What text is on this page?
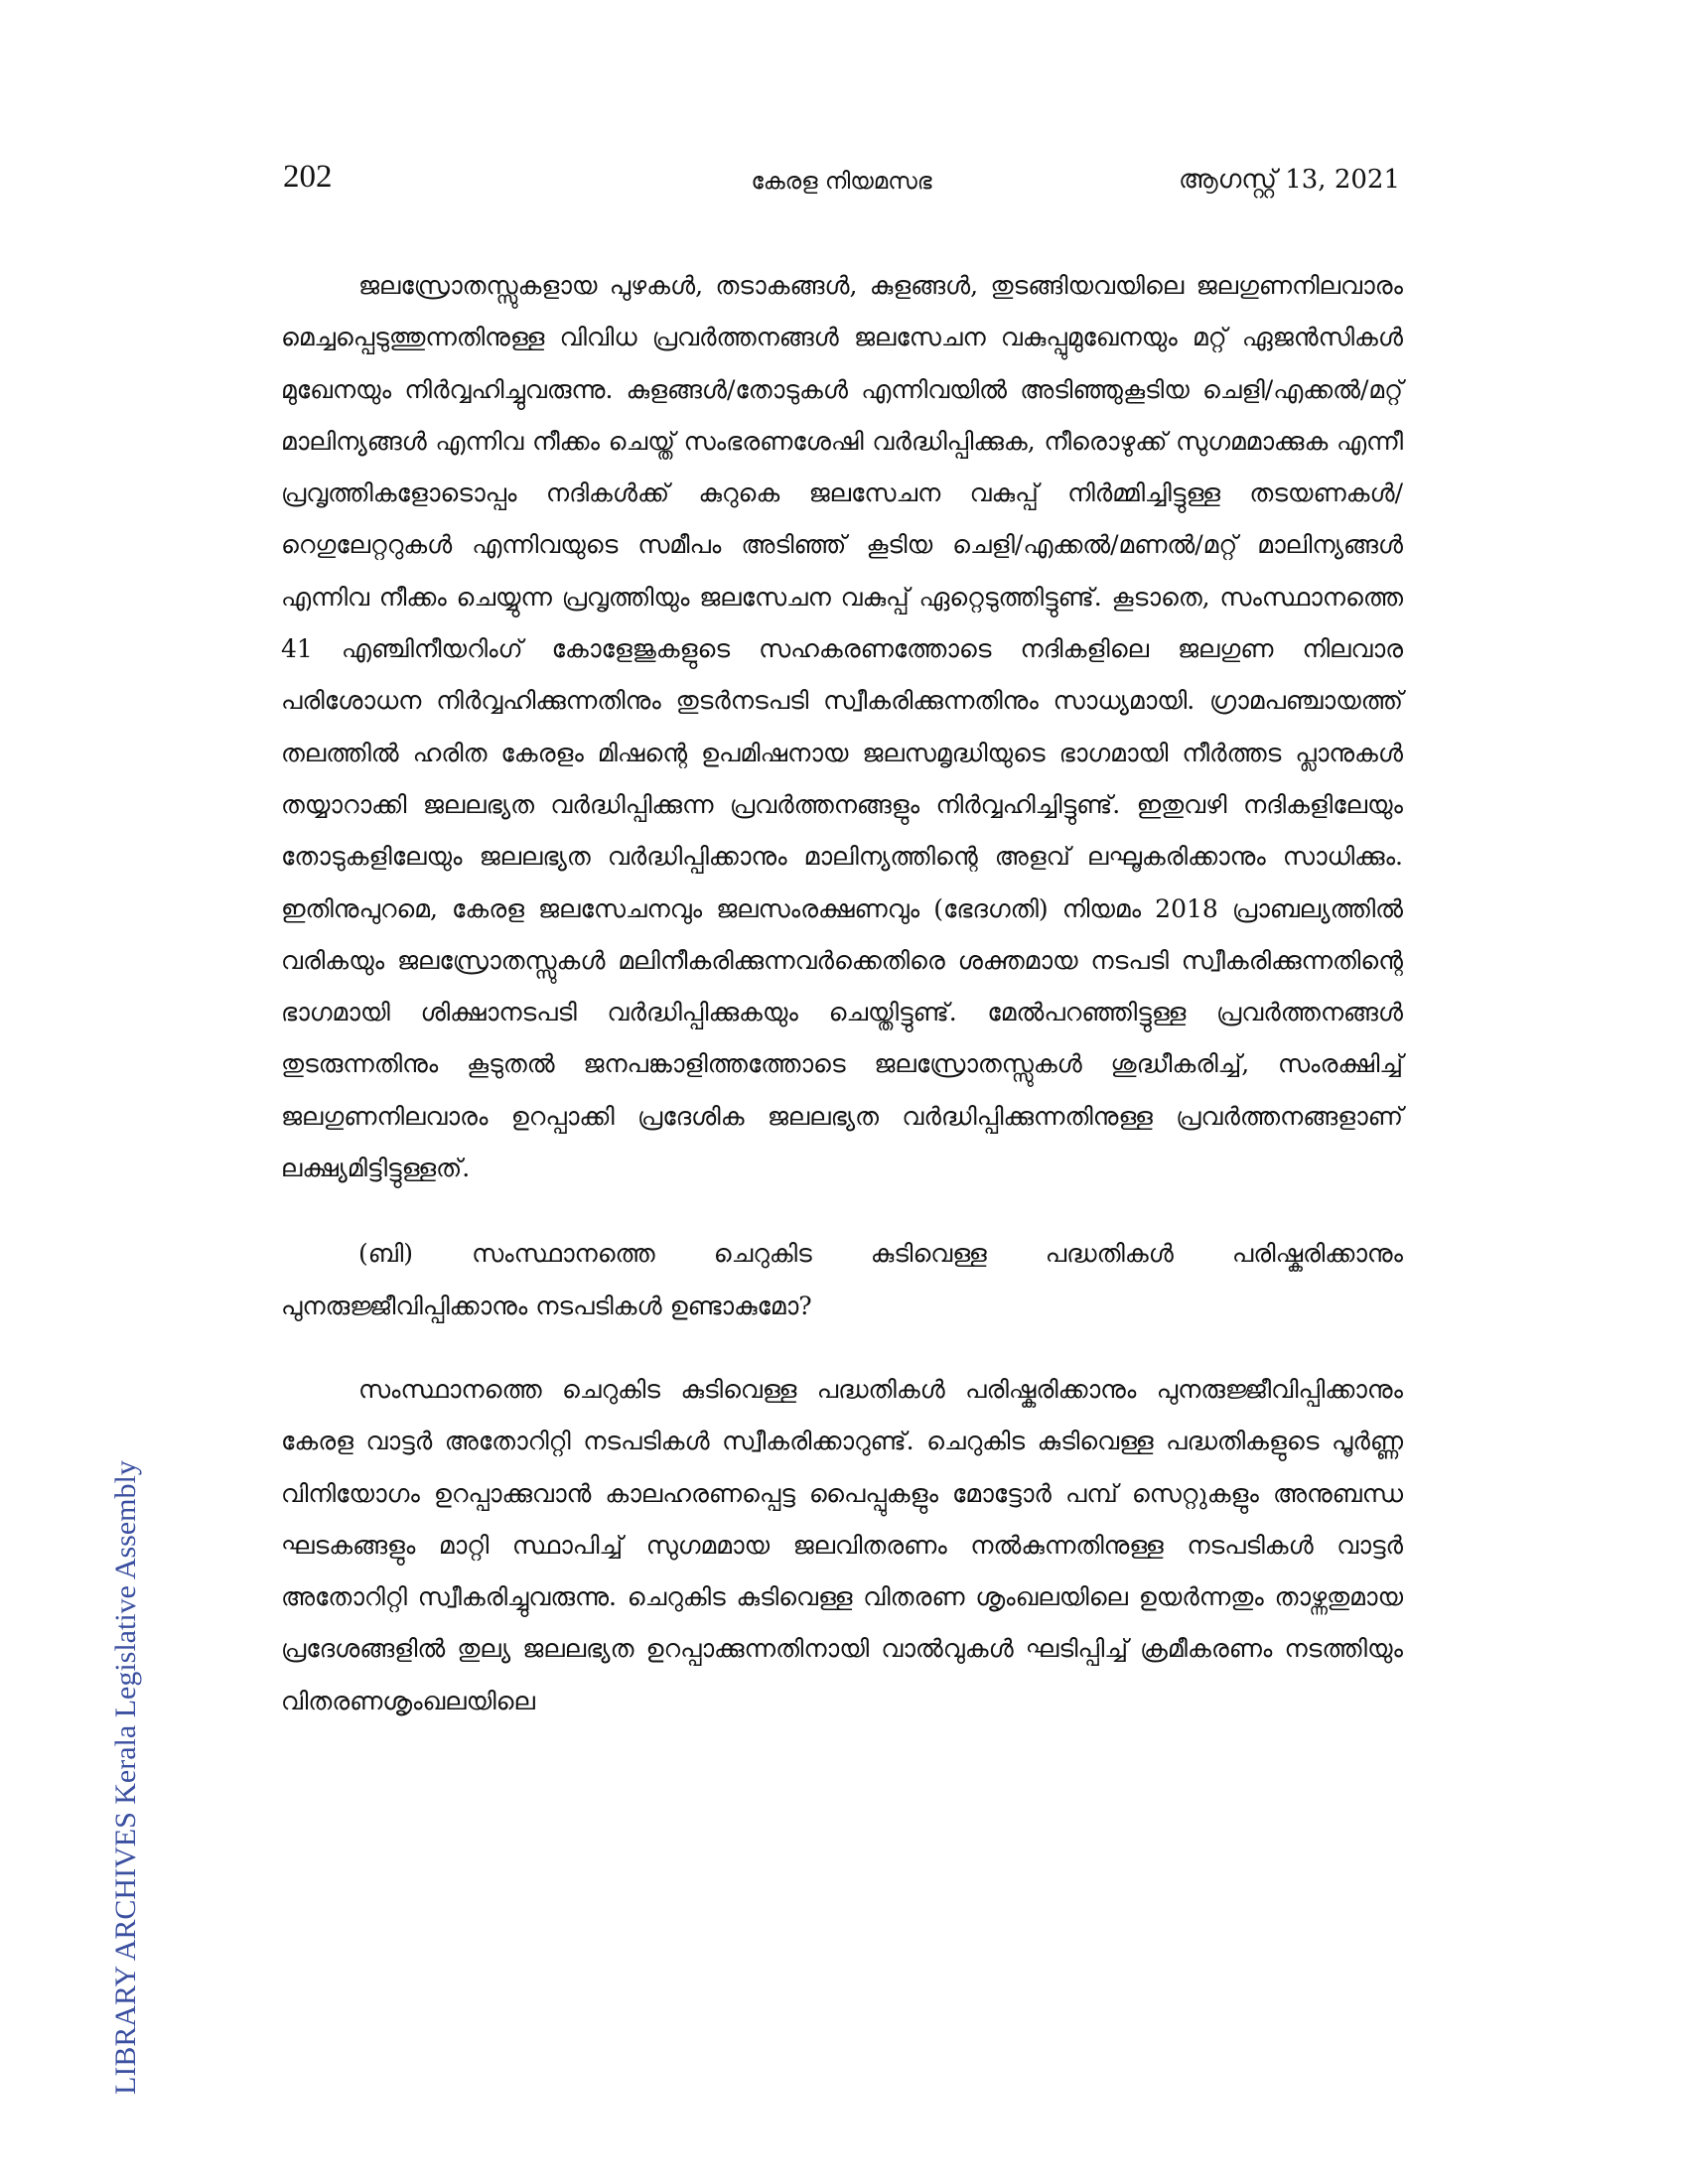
202	കേരള നിയമസഭ	ആഗസ്റ്റ് 13, 2021
LIBRARY ARCHIVES Kerala Legislative Assembly

ജലസ്രോതസ്സുകളായ പുഴകൾ, തടാകങ്ങൾ, കുളങ്ങൾ, തുടങ്ങിയവയിലെ ജലഗുണനിലവാരം മെച്ചപ്പെടുത്തുന്നതിനുള്ള വിവിധ പ്രവർത്തനങ്ങൾ ജലസേചന വകുപ്പുമുഖേനയും മറ്റ് ഏജൻസികൾ മുഖേനയും നിർവ്വഹിച്ചുവരുന്നു. കുളങ്ങൾ/തോടുകൾ എന്നിവയിൽ അടിഞ്ഞുകൂടിയ ചെളി/എക്കൽ/മറ്റ് മാലിന്യങ്ങൾ എന്നിവ നീക്കം ചെയ്ത് സംഭരണശേഷി വർദ്ധിപ്പിക്കുക, നീരൊഴുക്ക് സുഗമമാക്കുക എന്നീ പ്രവൃത്തികളോടൊപ്പം നദികൾക്ക് കുറുകെ ജലസേചന വകുപ്പ് നിർമ്മിച്ചിട്ടുള്ള തടയണകൾ/റെഗുലേറ്ററുകൾ എന്നിവയുടെ സമീപം അടിഞ്ഞ് കൂടിയ ചെളി/എക്കൽ/മണൽ/മറ്റ് മാലിന്യങ്ങൾ എന്നിവ നീക്കം ചെയ്യുന്ന പ്രവൃത്തിയും ജലസേചന വകുപ്പ് ഏറ്റെടുത്തിട്ടുണ്ട്. കൂടാതെ, സംസ്ഥാനത്തെ 41 എഞ്ചിനീയറിംഗ് കോളേജുകളുടെ സഹകരണത്തോടെ നദികളിലെ ജലഗുണ നിലവാര പരിശോധന നിർവ്വഹിക്കുന്നതിനും തുടർനടപടി സ്വീകരിക്കുന്നതിനും സാധ്യമായി. ഗ്രാമപഞ്ചായത്ത് തലത്തിൽ ഹരിത കേരളം മിഷന്റെ ഉപമിഷനായ ജലസമൃദ്ധിയുടെ ഭാഗമായി നീർത്തട പ്ലാനുകൾ തയ്യാറാക്കി ജലലഭ്യത വർദ്ധിപ്പിക്കുന്ന പ്രവർത്തനങ്ങളും നിർവ്വഹിച്ചിട്ടുണ്ട്. ഇതുവഴി നദികളിലേയും തോടുകളിലേയും ജലലഭ്യത വർദ്ധിപ്പിക്കാനും മാലിന്യത്തിന്റെ അളവ് ലഘൂകരിക്കാനും സാധിക്കും. ഇതിനുപുറമെ, കേരള ജലസേചനവും ജലസംരക്ഷണവും (ഭേദഗതി) നിയമം 2018 പ്രാബല്യത്തിൽ വരികയും ജലസ്രോതസ്സുകൾ മലിനീകരിക്കുന്നവർക്കെതിരെ ശക്തമായ നടപടി സ്വീകരിക്കുന്നതിന്റെ ഭാഗമായി ശിക്ഷാനടപടി വർദ്ധിപ്പിക്കുകയും ചെയ്തിട്ടുണ്ട്. മേൽപറഞ്ഞിട്ടുള്ള പ്രവർത്തനങ്ങൾ തുടരുന്നതിനും കൂടുതൽ ജനപങ്കാളിത്തത്തോടെ ജലസ്രോതസ്സുകൾ ശുദ്ധീകരിച്ച്, സംരക്ഷിച്ച് ജലഗുണനിലവാരം ഉറപ്പാക്കി പ്രദേശിക ജലലഭ്യത വർദ്ധിപ്പിക്കുന്നതിനുള്ള പ്രവർത്തനങ്ങളാണ് ലക്ഷ്യമിട്ടിട്ടുള്ളത്.

(ബി) സംസ്ഥാനത്തെ ചെറുകിട കുടിവെള്ള പദ്ധതികൾ പരിഷ്കരിക്കാനും പുനരുജ്ജീവിപ്പിക്കാനും നടപടികൾ ഉണ്ടാകുമോ?

സംസ്ഥാനത്തെ ചെറുകിട കുടിവെള്ള പദ്ധതികൾ പരിഷ്കരിക്കാനും പുനരുജ്ജീവിപ്പിക്കാനും കേരള വാട്ടർ അതോറിറ്റി നടപടികൾ സ്വീകരിക്കാറുണ്ട്. ചെറുകിട കുടിവെള്ള പദ്ധതികളുടെ പൂർണ്ണ വിനിയോഗം ഉറപ്പാക്കുവാൻ കാലഹരണപ്പെട്ട പൈപ്പുകളും മോട്ടോർ പമ്പ് സെറ്റുകളും അനുബന്ധ ഘടകങ്ങളും മാറ്റി സ്ഥാപിച്ച് സുഗമമായ ജലവിതരണം നൽകുന്നതിനുള്ള നടപടികൾ വാട്ടർ അതോറിറ്റി സ്വീകരിച്ചുവരുന്നു. ചെറുകിട കുടിവെള്ള വിതരണ ശൃംഖലയിലെ ഉയർന്നതും താഴ്ന്നതുമായ പ്രദേശങ്ങളിൽ തുല്യ ജലലഭ്യത ഉറപ്പാക്കുന്നതിനായി വാൽവുകൾ ഘടിപ്പിച്ച് ക്രമീകരണം നടത്തിയും വിതരണശൃംഖലയിലെ
